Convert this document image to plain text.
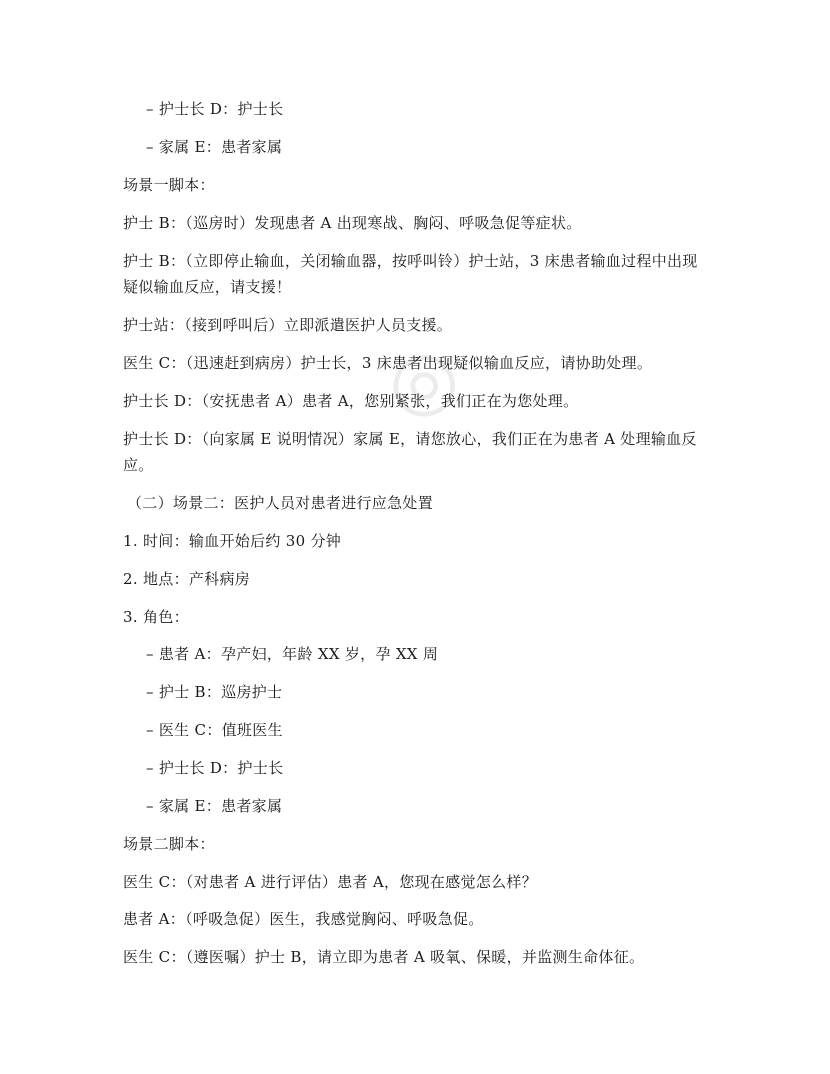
◎
– 护士长 D：护士长
– 家属 E：患者家属
场景一脚本：
护士 B：（巡房时）发现患者 A 出现寒战、胸闷、呼吸急促等症状。
护士 B：（立即停止输血，关闭输血器，按呼叫铃）护士站，3 床患者输血过程中出现疑似输血反应，请支援！
护士站：（接到呼叫后）立即派遣医护人员支援。
医生 C：（迅速赶到病房）护士长，3 床患者出现疑似输血反应，请协助处理。
护士长 D：（安抚患者 A）患者 A，您别紧张，我们正在为您处理。
护士长 D：（向家属 E 说明情况）家属 E，请您放心，我们正在为患者 A 处理输血反应。
（二）场景二：医护人员对患者进行应急处置
1. 时间：输血开始后约 30 分钟
2. 地点：产科病房
3. 角色：
– 患者 A：孕产妇，年龄 XX 岁，孕 XX 周
– 护士 B：巡房护士
– 医生 C：值班医生
– 护士长 D：护士长
– 家属 E：患者家属
场景二脚本：
医生 C：（对患者 A 进行评估）患者 A，您现在感觉怎么样？
患者 A：（呼吸急促）医生，我感觉胸闷、呼吸急促。
医生 C：（遵医嘱）护士 B，请立即为患者 A 吸氧、保暖，并监测生命体征。
